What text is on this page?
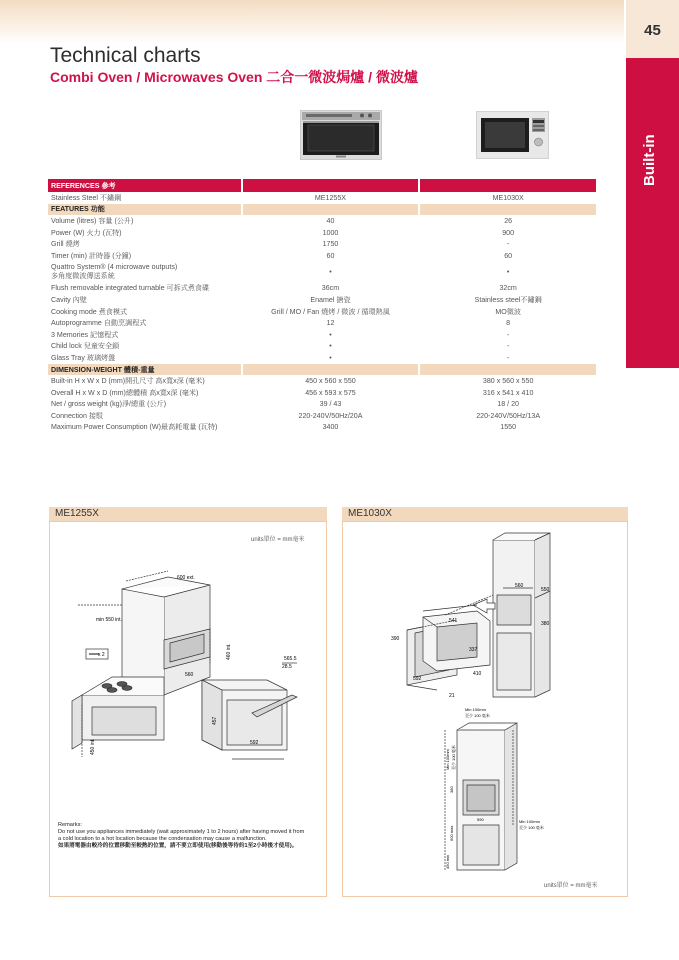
45
Built-in
Technical charts
Combi Oven / Microwaves Oven 二合一微波焗爐 / 微波爐
REFERENCES 參考		
Stainless Steel 不鏽鋼	ME1255X	ME1030X
FEATURES 功能		
Volume (litres) 容量 (公升)	40	26
Power (W) 火力 (瓦特)	1000	900
Grill 燒烤	1750	-
Timer (min) 計時器 (分鐘)	60	60

Quattro System® (4 microwave outputs)
多角度微波傳送系統	•	•
Flush removable integrated turnable 可拆式煮食碟	36cm	32cm
Cavity 內壁	Enamel 搪瓷	Stainless steel不鏽鋼
Cooking mode 煮食模式	Grill / MO / Fan 燒烤 / 微波 / 循環熱風	MO微波
Autoprogramme 自動烹調程式	12	8
3 Memories 記憶程式	•	-
Child lock 兒童安全鎖	•	-
Glass Tray 玻璃烤盤	•	-
DIMENSION-WEIGHT 體積-重量		
Built-in H x W x D (mm)開孔尺寸 高x寬x深 (毫米)	450 x 560 x 550	380 x 560 x 550
Overall H x W x D (mm)總體積 高x寬x深 (毫米)	456 x 593 x 575	316 x 541 x 410
Net / gross weight (kg)淨/總重 (公斤)	39 / 43	18 / 20
Connection 接駁	220-240V/50Hz/20A	220-240V/50Hz/13A
Maximum Power Consumption (W)最高耗電量 (瓦特)	3400	1550
ME1255X	ME1030X
units單位 = mm毫米
units單位 = mm毫米
600 ext.
min 550 int.
x 2	460 int.
560
565.5
28.5
457
592
450 int.
Remarks:
Do not use you appliances immediately (wait approximately 1 to 2 hours) after having moved it from a cold location to a hot location because the condensation may cause a malfunction.
如果將電器由較冷的位置移動至較熱的位置，請不要立即使用(移動後等待約1至2小時後才使用)。
560
550
380
541
390
337
410
592
21
Min 100mm
至少 100 毫米
Min 100mm
至少 100 毫米
Min 100mm 至少 100 毫米
380
590
600 max
450 min
